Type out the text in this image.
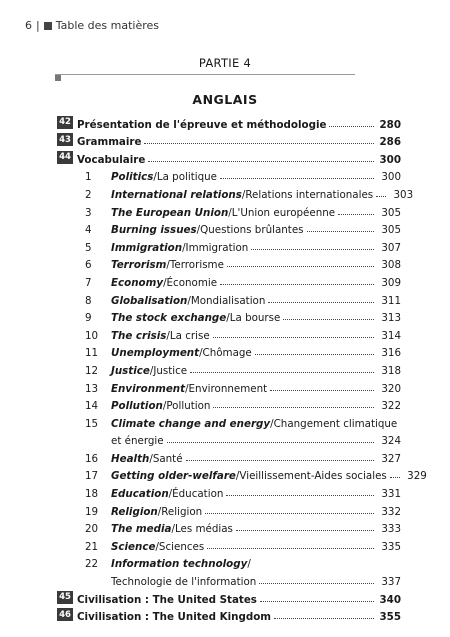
6 | Table des matières
PARTIE 4
ANGLAIS
42 Présentation de l'épreuve et méthodologie	280
43 Grammaire	286
44 Vocabulaire	300
1	Politics/La politique	300
2	International relations/Relations internationales	303
3	The European Union/L'Union européenne	305
4	Burning issues/Questions brûlantes	305
5	Immigration/Immigration	307
6	Terrorism/Terrorisme	308
7	Economy/Économie	309
8	Globalisation/Mondialisation	311
9	The stock exchange/La bourse	313
10	The crisis/La crise	314
11	Unemployment/Chômage	316
12	Justice/Justice	318
13	Environment/Environnement	320
14	Pollution/Pollution	322
15	Climate change and energy/Changement climatique
et énergie	324
16	Health/Santé	327
17	Getting older-welfare/Vieillissement-Aides sociales	329
18	Education/Éducation	331
19	Religion/Religion	332
20	The media/Les médias	333
21	Science/Sciences	335
22	Information technology/
Technologie de l'information	337
45 Civilisation : The United States	340
46 Civilisation : The United Kingdom	355
